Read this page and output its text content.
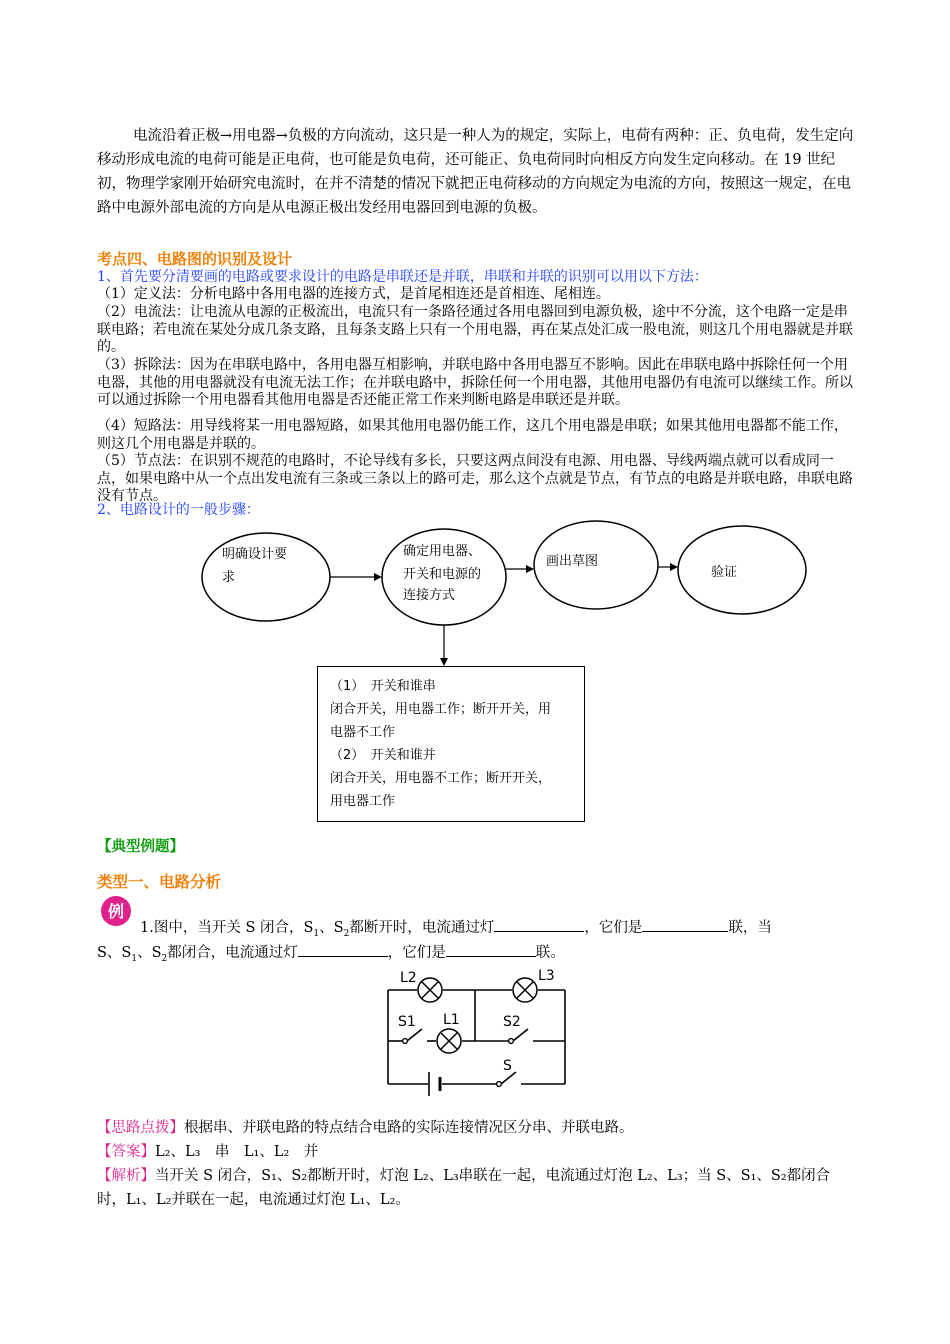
电流沿着正极→用电器→负极的方向流动，这只是一种人为的规定，实际上，电荷有两种：正、负电荷，发生定向移动形成电流的电荷可能是正电荷，也可能是负电荷，还可能正、负电荷同时向相反方向发生定向移动。在 19 世纪初，物理学家刚开始研究电流时，在并不清楚的情况下就把正电荷移动的方向规定为电流的方向，按照这一规定，在电路中电源外部电流的方向是从电源正极出发经用电器回到电源的负极。

考点四、电路图的识别及设计

1、首先要分清要画的电路或要求设计的电路是串联还是并联，串联和并联的识别可以用以下方法：

（1）定义法：分析电路中各用电器的连接方式，是首尾相连还是首相连、尾相连。

（2）电流法：让电流从电源的正极流出，电流只有一条路径通过各用电器回到电源负极，途中不分流，这个电路一定是串联电路；若电流在某处分成几条支路，且每条支路上只有一个用电器，再在某点处汇成一股电流，则这几个用电器就是并联的。

（3）拆除法：因为在串联电路中，各用电器互相影响，并联电路中各用电器互不影响。因此在串联电路中拆除任何一个用电器，其他的用电器就没有电流无法工作；在并联电路中，拆除任何一个用电器，其他用电器仍有电流可以继续工作。所以可以通过拆除一个用电器看其他用电器是否还能正常工作来判断电路是串联还是并联。

（4）短路法：用导线将某一用电器短路，如果其他用电器仍能工作，这几个用电器是串联；如果其他用电器都不能工作，则这几个用电器是并联的。

（5）节点法：在识别不规范的电路时，不论导线有多长，只要这两点间没有电源、用电器、导线两端点就可以看成同一点，如果电路中从一个点出发电流有三条或三条以上的路可走，那么这个点就是节点，有节点的电路是并联电路，串联电路没有节点。

2、电路设计的一般步骤：

明确设计要
求
确定用电器、
开关和电源的
连接方式
画出草图
验证
（1）　开关和谁串
闭合开关，用电器工作；断开开关，用
电器不工作
（2）　开关和谁并
闭合开关，用电器不工作；断开开关，
用电器工作

【典型例题】

类型一、电路分析

例

1.图中，当开关 S 闭合，$S_1$、$S_2$都断开时，电流通过灯	，它们是	联，当

S、$S_1$、$S_2$都闭合，电流通过灯	，它们是	联。

L2
L1
L3
S1	S2
S

【思路点拨】根据串、并联电路的特点结合电路的实际连接情况区分串、并联电路。

【答案】L₂、L₃　串　L₁、L₂　并

【解析】当开关 S 闭合，S₁、S₂都断开时，灯泡 L₂、L₃串联在一起，电流通过灯泡 L₂、L₃；当 S、S₁、S₂都闭合时，L₁、L₂并联在一起，电流通过灯泡 L₁、L₂。
